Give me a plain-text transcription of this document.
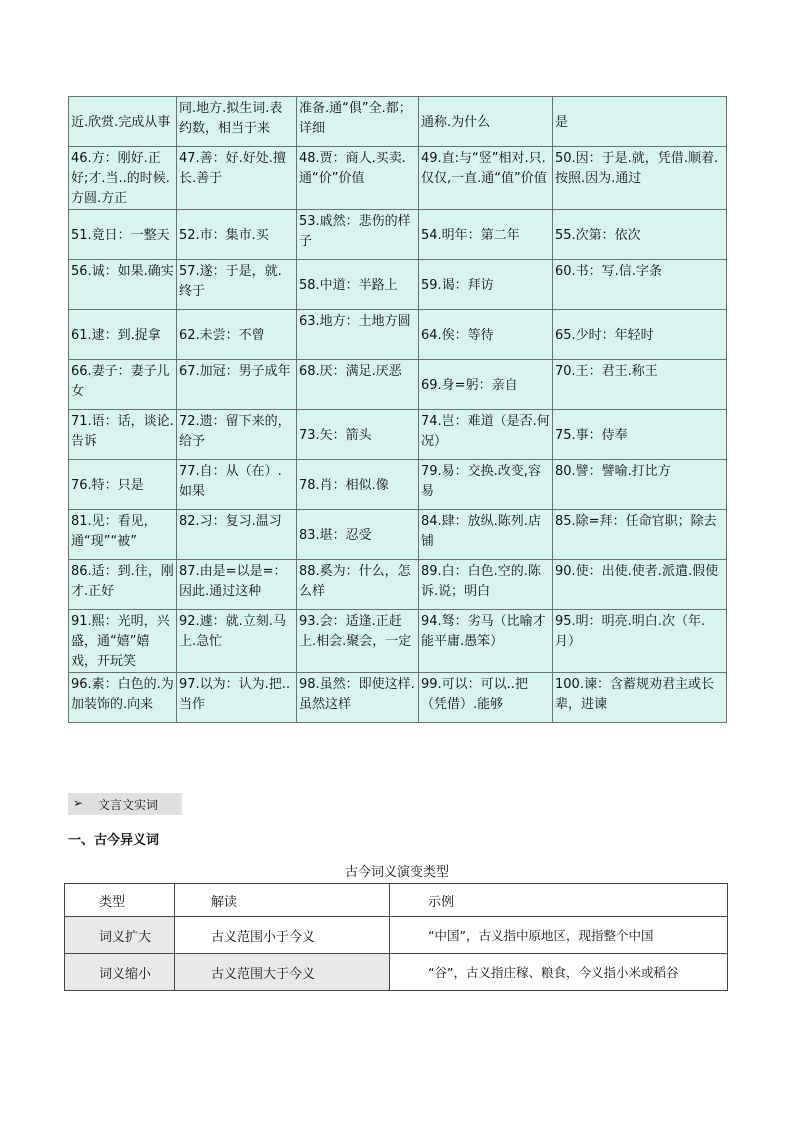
近.欣赏.完成从事	同.地方.拟生词.表约数，相当于来	准备.通“俱”全.都；详细	通称.为什么	是
46.方：刚好.正好;才.当..的时候.方圆.方正	47.善：好.好处.擅长.善于	48.贾：商人.买卖.通“价”价值	49.直:与“竖”相对.只.仅仅,一直.通“值”价值	50.因：于是.就，凭借.顺着.按照.因为.通过
51.竟日：一整天	52.市：集市.买	53.戚然：悲伤的样子	54.明年：第二年	55.次第：依次
56.诚：如果.确实	57.遂：于是，就.终于	58.中道：半路上	59.谒：拜访	60.书：写.信.字条
61.逮：到.捉拿	62.未尝：不曾	63.地方：土地方圆	64.俟：等待	65.少时：年轻时
66.妻子：妻子儿女	67.加冠：男子成年	68.厌：满足.厌恶	69.身=躬：亲自	70.王：君王.称王
71.语：话，谈论.告诉	72.遗：留下来的，给予	73.矢：箭头	74.岂：难道（是否.何况）	75.事：侍奉
76.特：只是	77.自：从（在）.如果	78.肖：相似.像	79.易：交换.改变,容易	80.譬：譬喻.打比方
81.见：看见，通“现”“被”	82.习：复习.温习	83.堪：忍受	84.肆：放纵.陈列.店铺	85.除=拜：任命官职；除去
86.适：到.往，刚才.正好	87.由是=以是=：因此.通过这种	88.奚为：什么，怎么样	89.白：白色.空的.陈诉.说；明白	90.使：出使.使者.派遣.假使
91.熙：光明，兴盛，通“嬉”嬉戏，开玩笑	92.遽：就.立刻.马上.急忙	93.会：适逢.正赶上.相会.聚会，一定	94.驽：劣马（比喻才能平庸.愚笨）	95.明：明亮.明白.次（年.月）
96.素：白色的.为加装饰的.向来	97.以为：认为.把..当作	98.虽然：即使这样.虽然这样	99.可以：可以..把（凭借）.能够	100.谏：含蓄规劝君主或长辈，进谏
➢ 文言文实词
一、古今异义词
古今词义演变类型
类型	解读	示例
词义扩大	古义范围小于今义	“中国”，古义指中原地区，现指整个中国
词义缩小	古义范围大于今义	“谷”，古义指庄稼、粮食，今义指小米或稻谷
